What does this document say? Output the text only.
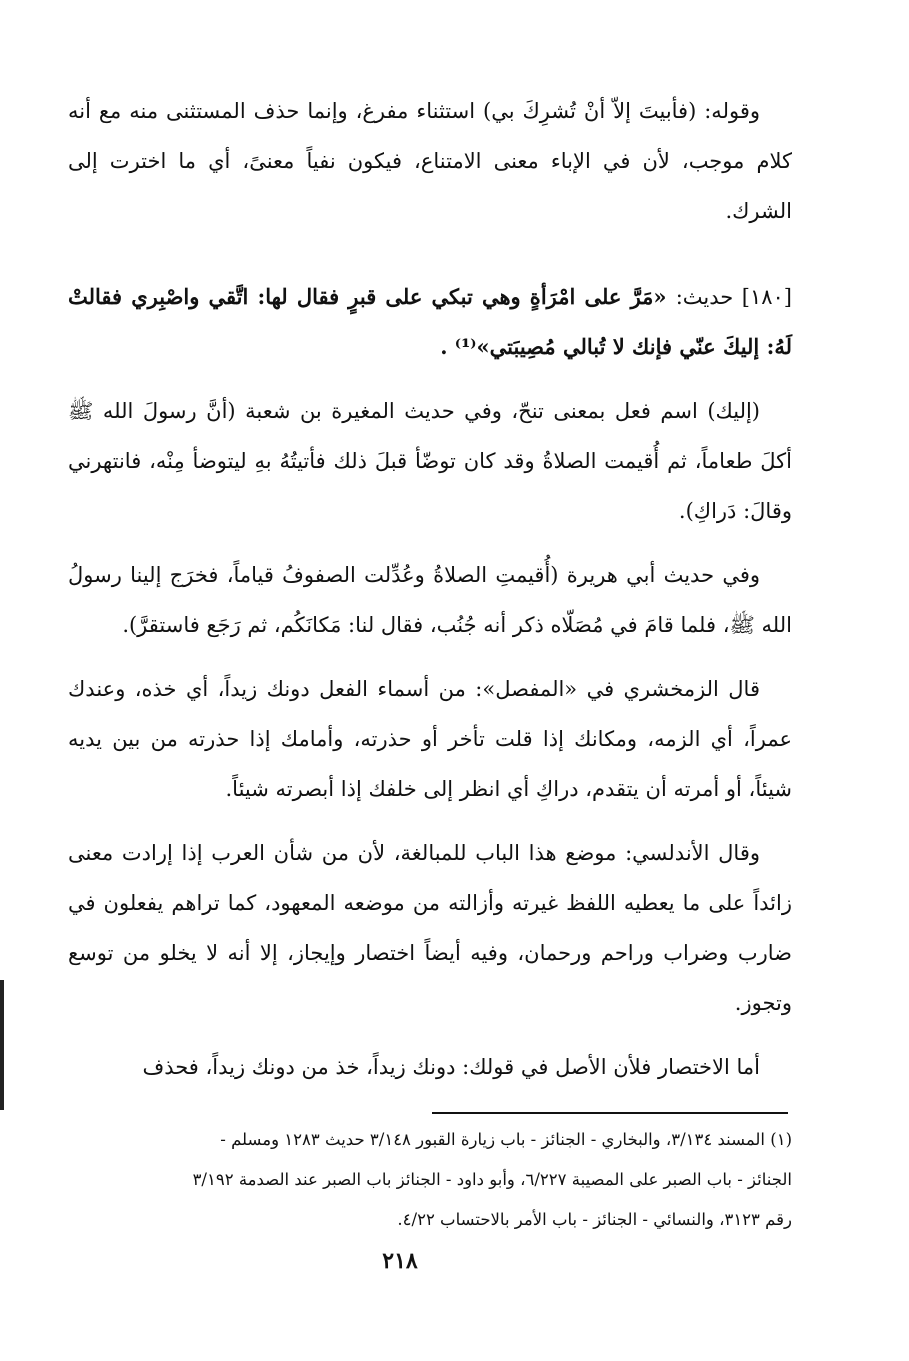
وقوله: (فأبيتَ إلاّ أنْ تُشرِكَ بي) استثناء مفرغ، وإنما حذف المستثنى منه مع أنه كلام موجب، لأن في الإباء معنى الامتناع، فيكون نفياً معنىً، أي ما اخترت إلى الشرك.

[١٨٠] حديث: «مَرَّ على امْرَأةٍ وهي تبكي على قبرٍ فقال لها: اتَّقي واصْبِري فقالتْ لَهُ: إليكَ عنّي فإنك لا تُبالي مُصِيبَتي»⁽¹⁾ .

(إليك) اسم فعل بمعنى تنحّ، وفي حديث المغيرة بن شعبة (أنَّ رسولَ الله ﷺ أكلَ طعاماً، ثم أُقيمت الصلاةُ وقد كان توضّأ قبلَ ذلك فأتيتُهُ بهِ ليتوضأ مِنْه، فانتهرني وقالَ: دَراكِ).

وفي حديث أبي هريرة (أُقيمتِ الصلاةُ وعُدِّلت الصفوفُ قياماً، فخرَج إلينا رسولُ الله ﷺ، فلما قامَ في مُصَلّاه ذكر أنه جُنُب، فقال لنا: مَكانَكُم، ثم رَجَع فاستقرَّ).

قال الزمخشري في «المفصل»: من أسماء الفعل دونك زيداً، أي خذه، وعندك عمراً، أي الزمه، ومكانك إذا قلت تأخر أو حذرته، وأمامك إذا حذرته من بين يديه شيئاً، أو أمرته أن يتقدم، دراكِ أي انظر إلى خلفك إذا أبصرته شيئاً.

وقال الأندلسي: موضع هذا الباب للمبالغة، لأن من شأن العرب إذا إرادت معنى زائداً على ما يعطيه اللفظ غيرته وأزالته من موضعه المعهود، كما تراهم يفعلون في ضارب وضراب وراحم ورحمان، وفيه أيضاً اختصار وإيجاز، إلا أنه لا يخلو من توسع وتجوز.

أما الاختصار فلأن الأصل في قولك: دونك زيداً، خذ من دونك زيداً، فحذف

(١) المسند ٣/١٣٤، والبخاري - الجنائز - باب زيارة القبور ٣/١٤٨ حديث ١٢٨٣ ومسلم -

الجنائز - باب الصبر على المصيبة ٦/٢٢٧، وأبو داود - الجنائز باب الصبر عند الصدمة ٣/١٩٢

رقم ٣١٢٣، والنسائي - الجنائز - باب الأمر بالاحتساب ٤/٢٢.

٢١٨
